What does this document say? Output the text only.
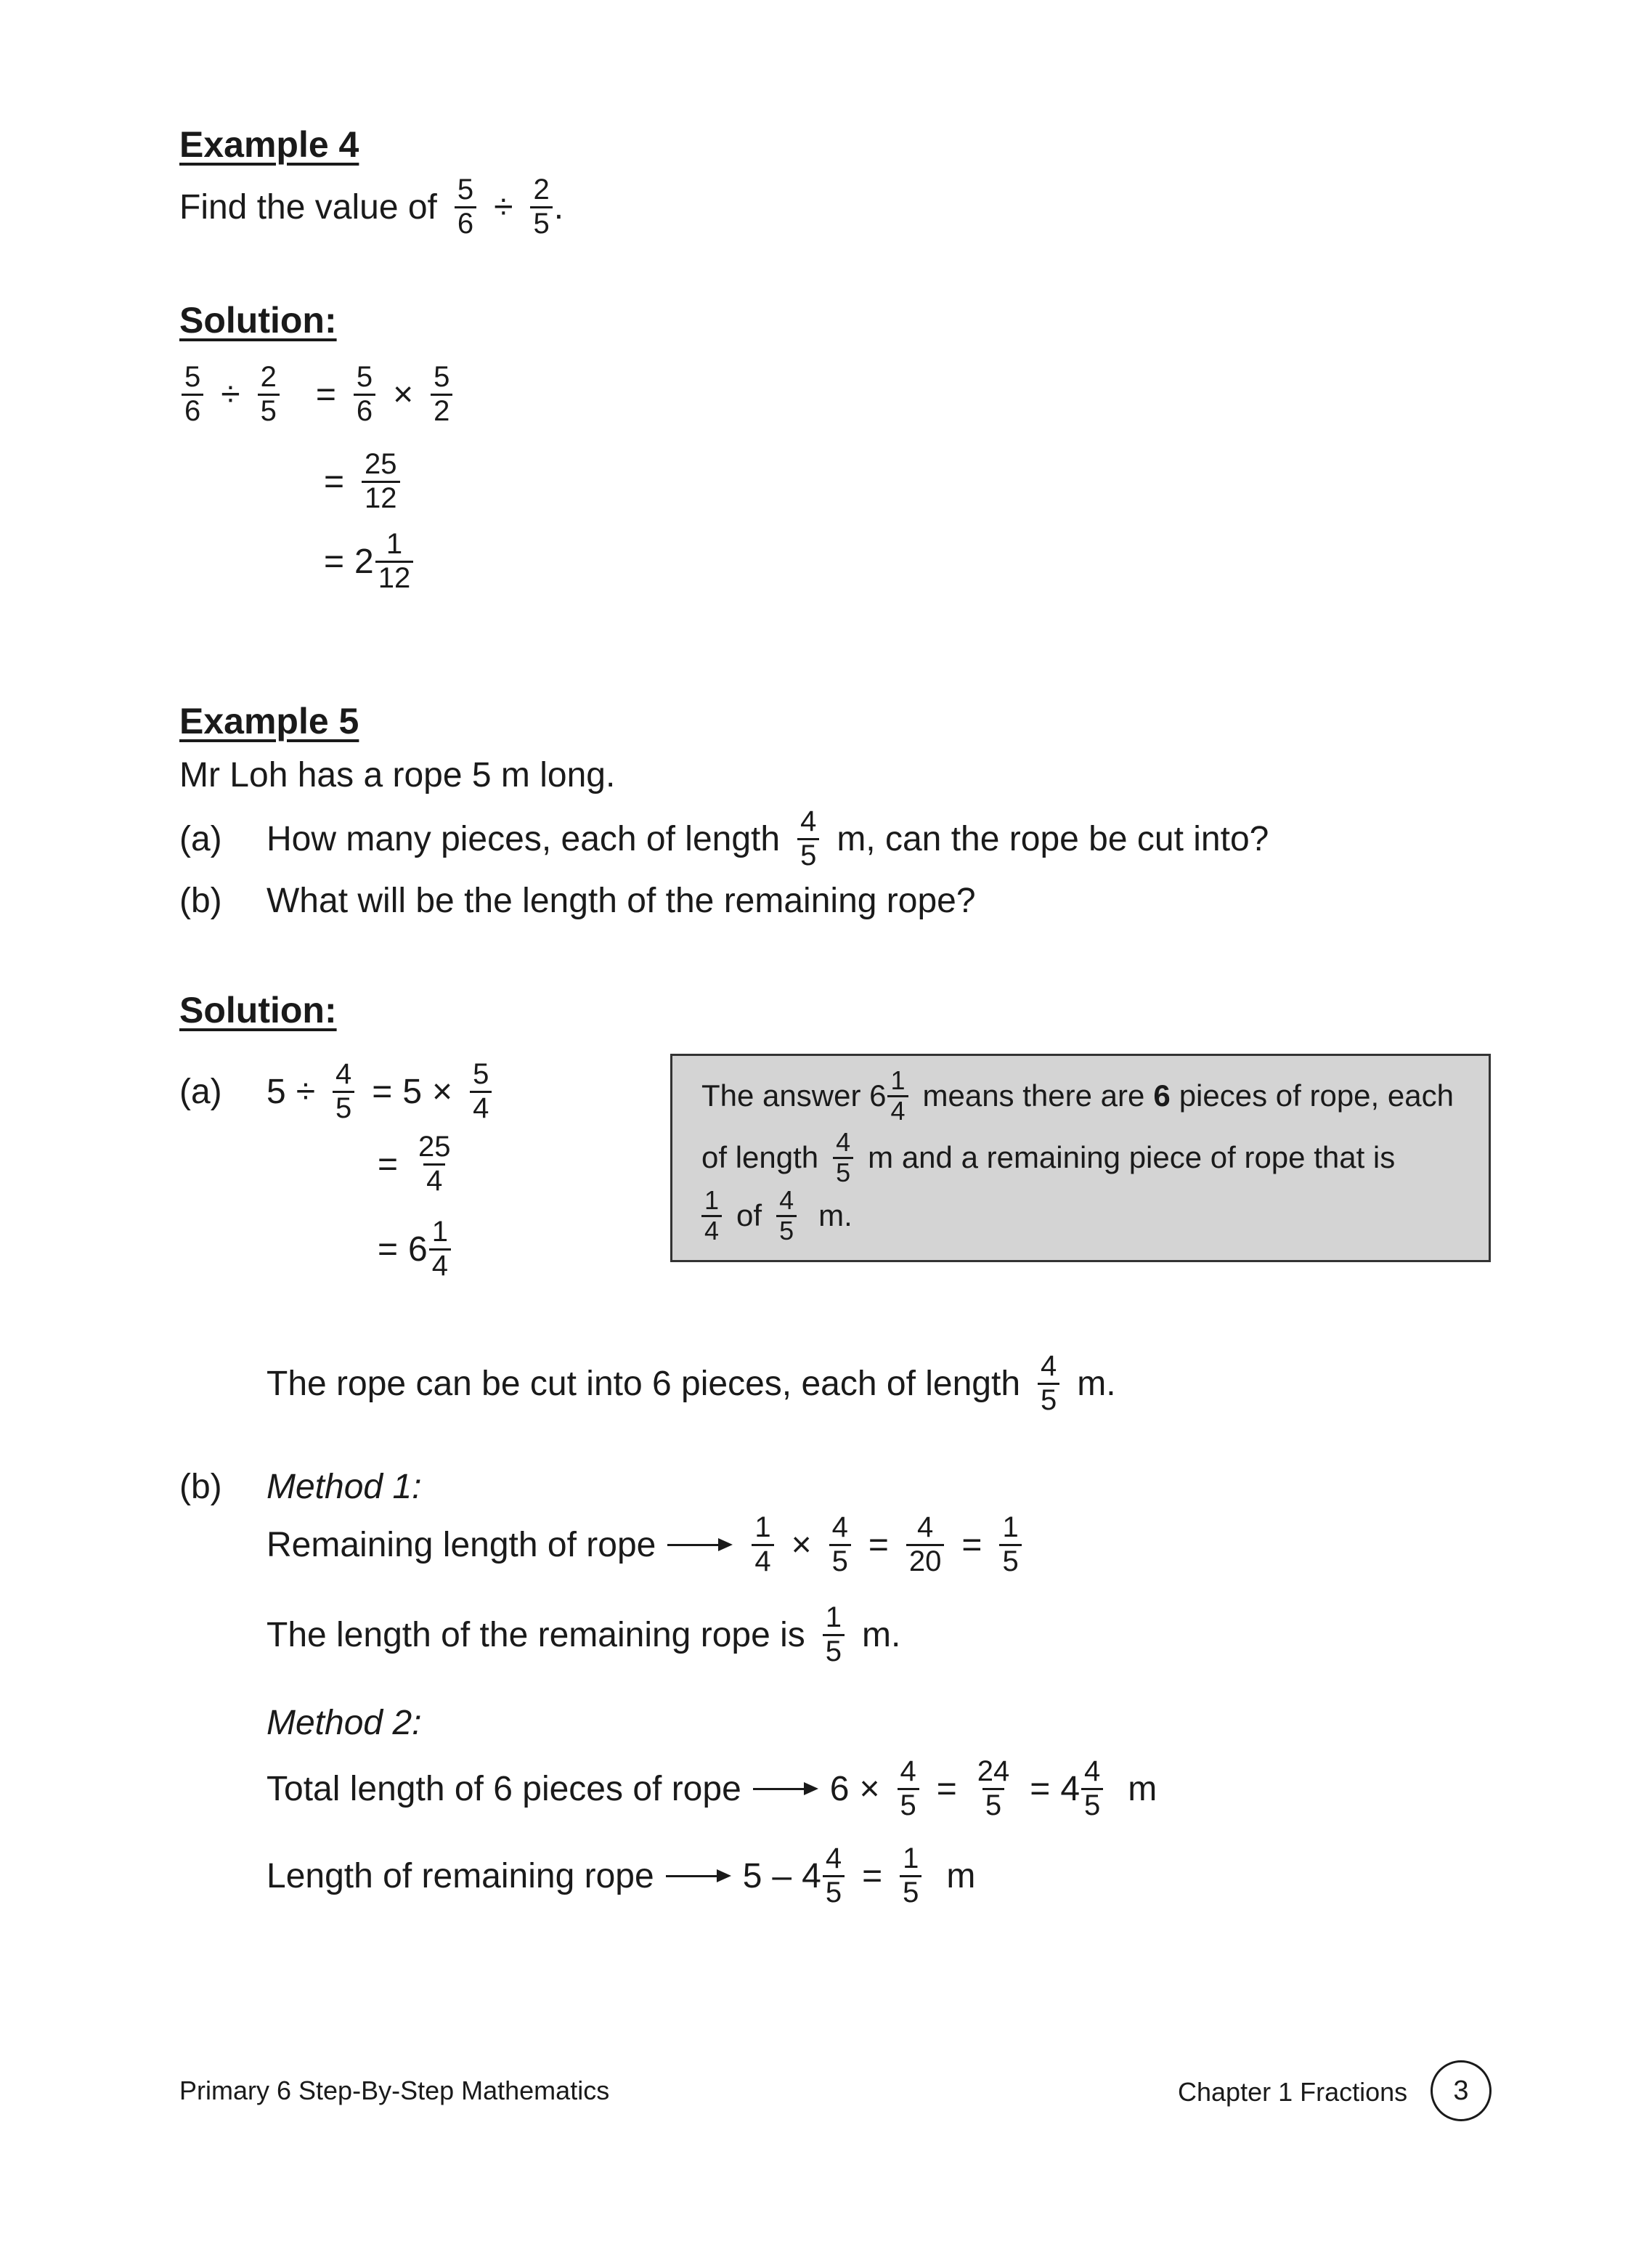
Example 4
Find the value of $\frac{5}{6} \div \frac{2}{5}$ .
Solution:
$\frac{5}{6} \div \frac{2}{5} = \frac{5}{6} \times \frac{5}{2}$
= $\frac{25}{12}$
= $2 \frac{1}{12}$
Example 5
Mr Loh has a rope 5 m long.
(a)	How many pieces, each of length $\frac{4}{5} m$, can the rope be cut into?
(b)	What will be the length of the remaining rope?
Solution:
(a)	$5 \div \frac{4}{5} = 5 \times \frac{5}{4}$
= $\frac{25}{4}$
= $6 \frac{1}{4}$
The answer $6 \frac{1}{4}$ means there are 6 pieces of rope, each
of length $\frac{4}{5}$ m and a remaining piece of rope that is
$\frac{1}{4}$ of $\frac{4}{5} m$.
The rope can be cut into 6 pieces, each of length $\frac{4}{5} m$.
(b) Method 1:
Remaining length of rope	$\frac{1}{4} \times \frac{4}{5} = \frac{4}{20} = \frac{1}{5}$
The length of the remaining rope is $\frac{1}{5} m$.
Method 2:
Total length of 6 pieces of rope	$6 \times \frac{4}{5} = \frac{24}{5} = 4 \frac{4}{5}$ m
Length of remaining rope	$5 - 4 \frac{4}{5} = \frac{1}{5}$ m
Primary 6 Step-By-Step Mathematics	Chapter 1 Fractions 3
